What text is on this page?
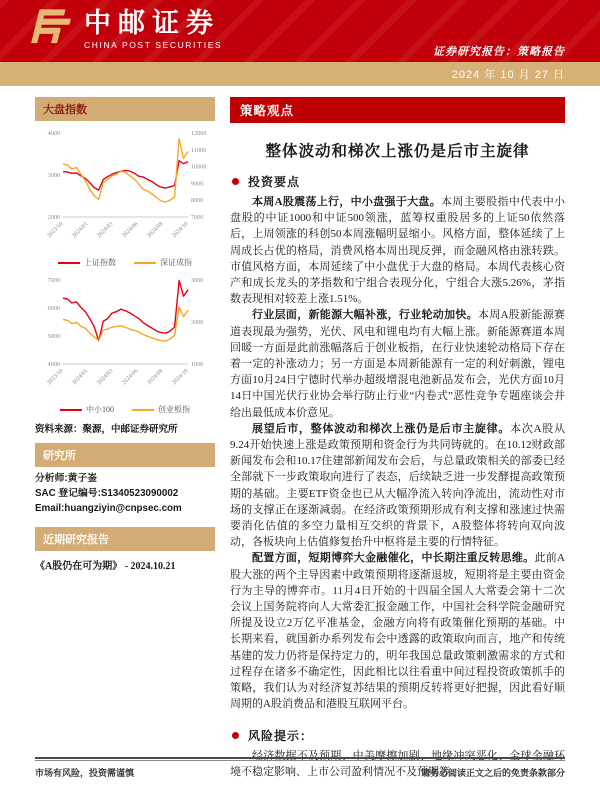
中邮证券
CHINA POST SECURITIES
证券研究报告：策略报告
2024 年 10 月 27 日
大盘指数
2000
3000
4000
7000
8000
9000
10000
11000
12000
2023/10 2024/01 2024/03 2024/06 2024/08 2024/10
上证指数	深证成指
4000
5000
6000
7000
1000
2000
3000
2023/10 2024/01 2024/03 2024/06 2024/08 2024/10
中小100	创业板指
资料来源：聚源，中邮证券研究所
研究所
分析师:黄子崟
SAC 登记编号:S1340523090002
Email:huangziyin@cnpsec.com
近期研究报告
《A股仍在可为期》 - 2024.10.21
策略观点
整体波动和梯次上涨仍是后市主旋律
投资要点

本周A股震荡上行，中小盘强于大盘。本周主要股指中代表中小盘股的中证1000和中证500领涨，蓝筹权重股居多的上证50依然落后，上周领涨的科创50本周涨幅明显缩小。风格方面，整体延续了上周成长占优的格局，消费风格本周出现反弹，而金融风格由涨转跌。市值风格方面，本周延续了中小盘优于大盘的格局。本周代表核心资产和成长龙头的茅指数和宁组合表现分化，宁组合大涨5.26%，茅指数表现相对较差上涨1.51%。

行业层面，新能源大幅补涨，行业轮动加快。本周A股新能源赛道表现最为强势，光伏、风电和锂电均有大幅上涨。新能源赛道本周回暖一方面是此前涨幅落后于创业板指，在行业快速轮动格局下存在着一定的补涨动力；另一方面是本周新能源有一定的利好刺激，锂电方面10月24日宁德时代举办超级增混电池新品发布会，光伏方面10月14日中国光伏行业协会举行防止行业“内卷式”恶性竞争专题座谈会并给出最低成本价意见。

展望后市，整体波动和梯次上涨仍是后市主旋律。本次A股从9.24开始快速上涨是政策预期和资金行为共同铸就的。在10.12财政部新闻发布会和10.17住建部新闻发布会后，与总量政策相关的部委已经全部就下一步政策取向进行了表态，后续缺乏进一步发酵提高政策预期的基础。主要ETF资金也已从大幅净流入转向净流出，流动性对市场的支撑正在逐渐减弱。在经济政策预期形成有利支撑和涨速过快需要消化估值的多空力量相互交织的背景下，A股整体将转向双向波动，各板块向上估值修复抬升中枢将是主要的行情特征。

配置方面，短期博弈大金融催化，中长期注重反转思维。此前A股大涨的两个主导因素中政策预期将逐渐退坡，短期将是主要由资金行为主导的博弈市。11月4日开始的十四届全国人大常委会第十二次会议上国务院将向人大常委汇报金融工作，中国社会科学院金融研究所提及设立2万亿平准基金，金融方向将有政策催化预期的基础。中长期来看，就国新办系列发布会中透露的政策取向而言，地产和传统基建的发力仍将是保持定力的，明年我国总量政策刺激需求的方式和过程存在诸多不确定性，因此相比以往看重中间过程投资政策抓手的策略，我们认为对经济复苏结果的预期反转将更好把握，因此看好顺周期的A股消费品和港股互联网平台。

风险提示：

经济数据不及预期、中美摩擦加剧、地缘冲突恶化、全球金融环境不稳定影响、上市公司盈利情况不及预期等。

市场有风险，投资需谨慎	请务必阅读正文之后的免责条款部分
